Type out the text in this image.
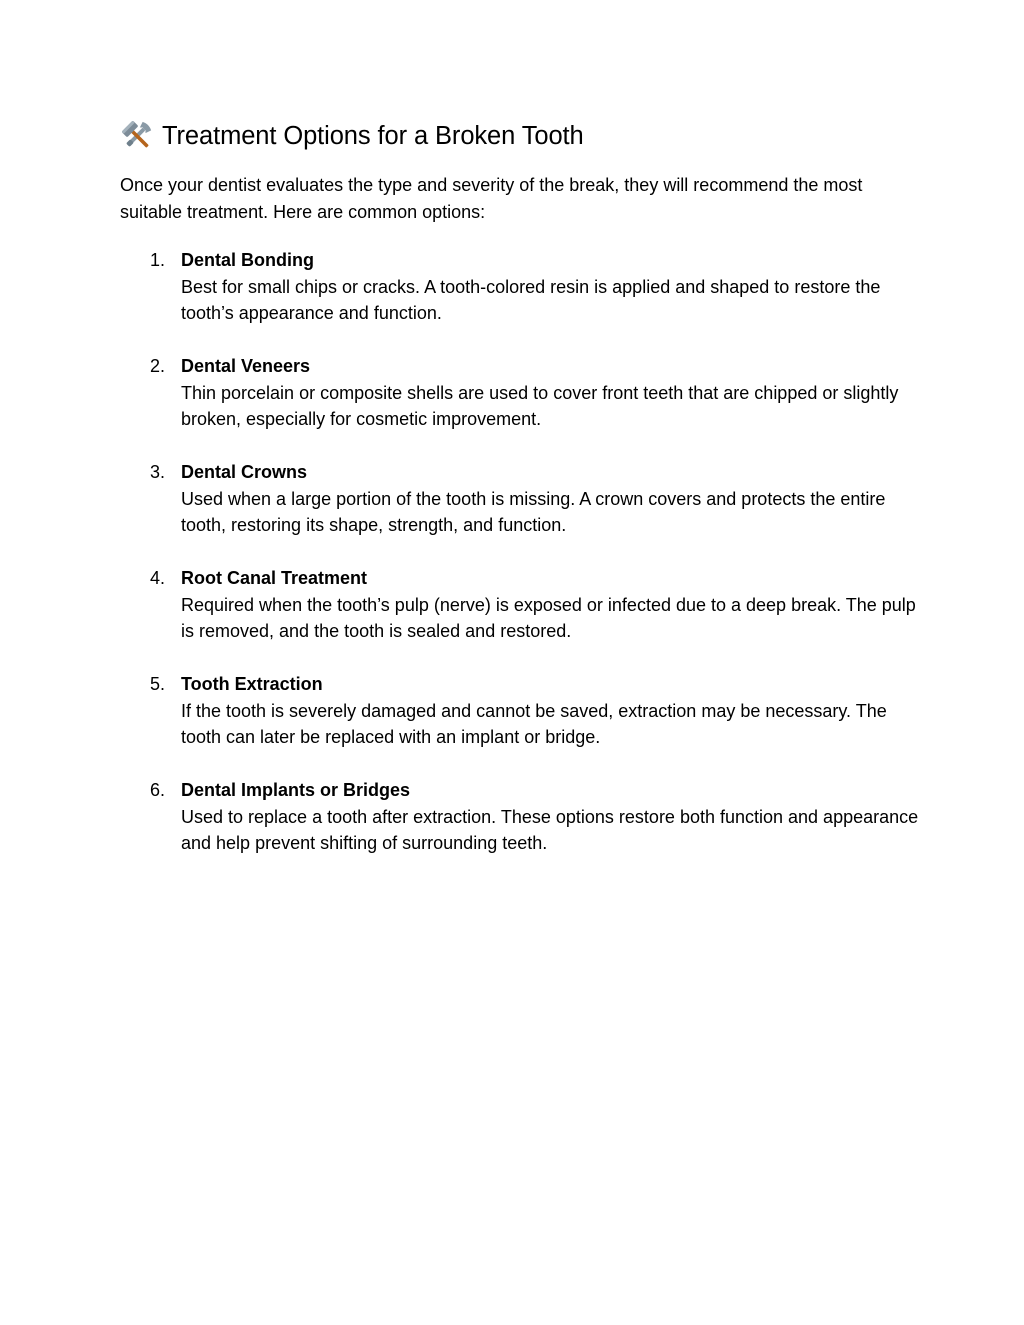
Treatment Options for a Broken Tooth

Once your dentist evaluates the type and severity of the break, they will recommend the most suitable treatment. Here are common options:

1. Dental Bonding
Best for small chips or cracks. A tooth-colored resin is applied and shaped to restore the tooth’s appearance and function.
2. Dental Veneers
Thin porcelain or composite shells are used to cover front teeth that are chipped or slightly broken, especially for cosmetic improvement.
3. Dental Crowns
Used when a large portion of the tooth is missing. A crown covers and protects the entire tooth, restoring its shape, strength, and function.
4. Root Canal Treatment
Required when the tooth’s pulp (nerve) is exposed or infected due to a deep break. The pulp is removed, and the tooth is sealed and restored.
5. Tooth Extraction
If the tooth is severely damaged and cannot be saved, extraction may be necessary. The tooth can later be replaced with an implant or bridge.
6. Dental Implants or Bridges
Used to replace a tooth after extraction. These options restore both function and appearance and help prevent shifting of surrounding teeth.
